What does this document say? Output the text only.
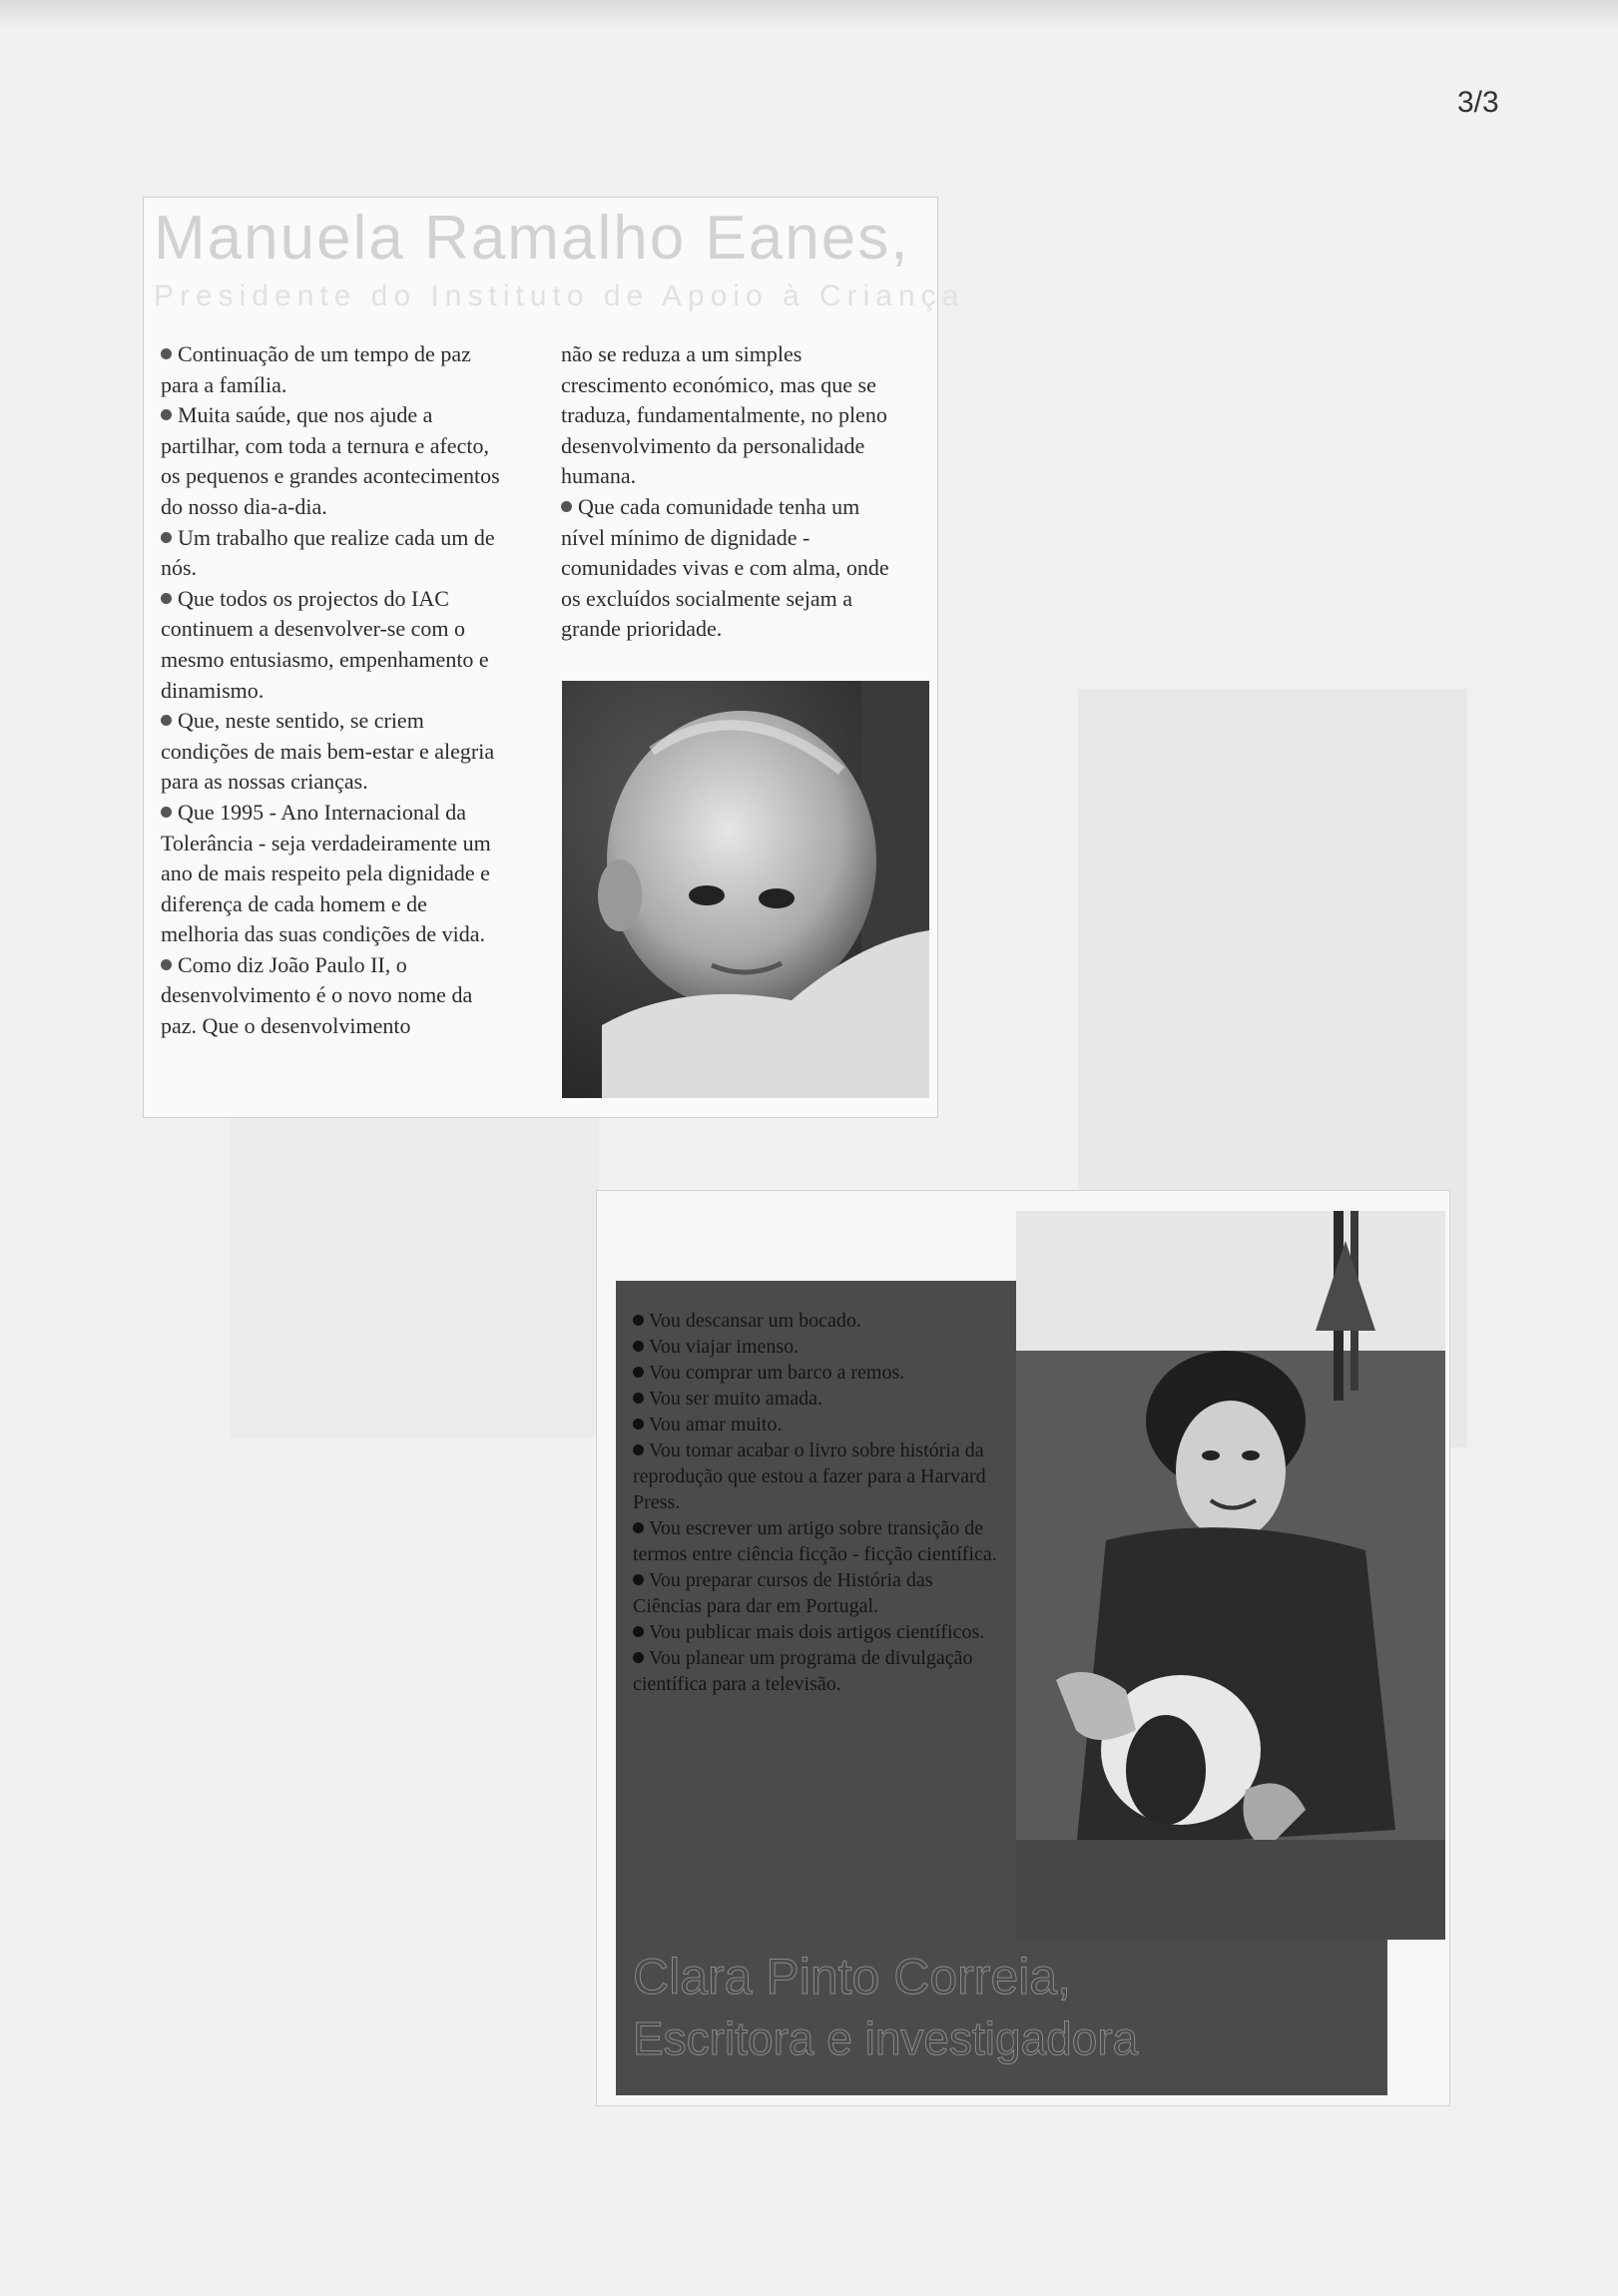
3/3
Manuela Ramalho Eanes,
Presidente do Instituto de Apoio à Criança

Continuação de um tempo de paz para a família.

Muita saúde, que nos ajude a partilhar, com toda a ternura e afecto, os pequenos e grandes acontecimentos do nosso dia-a-dia.

Um trabalho que realize cada um de nós.

Que todos os projectos do IAC continuem a desenvolver-se com o mesmo entusiasmo, empenhamento e dinamismo.

Que, neste sentido, se criem condições de mais bem-estar e alegria para as nossas crianças.

Que 1995 - Ano Internacional da Tolerância - seja verdadeiramente um ano de mais respeito pela dignidade e diferença de cada homem e de melhoria das suas condições de vida.

Como diz João Paulo II, o desenvolvimento é o novo nome da paz. Que o desenvolvimento

não se reduza a um simples crescimento económico, mas que se traduza, fundamentalmente, no pleno desenvolvimento da personalidade humana.

Que cada comunidade tenha um nível mínimo de dignidade - comunidades vivas e com alma, onde os excluídos socialmente sejam a grande prioridade.

Vou descansar um bocado.

Vou viajar imenso.

Vou comprar um barco a remos.

Vou ser muito amada.

Vou amar muito.

Vou tomar acabar o livro sobre história da reprodução que estou a fazer para a Harvard Press.

Vou escrever um artigo sobre transição de termos entre ciência ficção - ficção científica.

Vou preparar cursos de História das Ciências para dar em Portugal.

Vou publicar mais dois artigos científicos.

Vou planear um programa de divulgação científica para a televisão.

Clara Pinto Correia,
Escritora e investigadora
